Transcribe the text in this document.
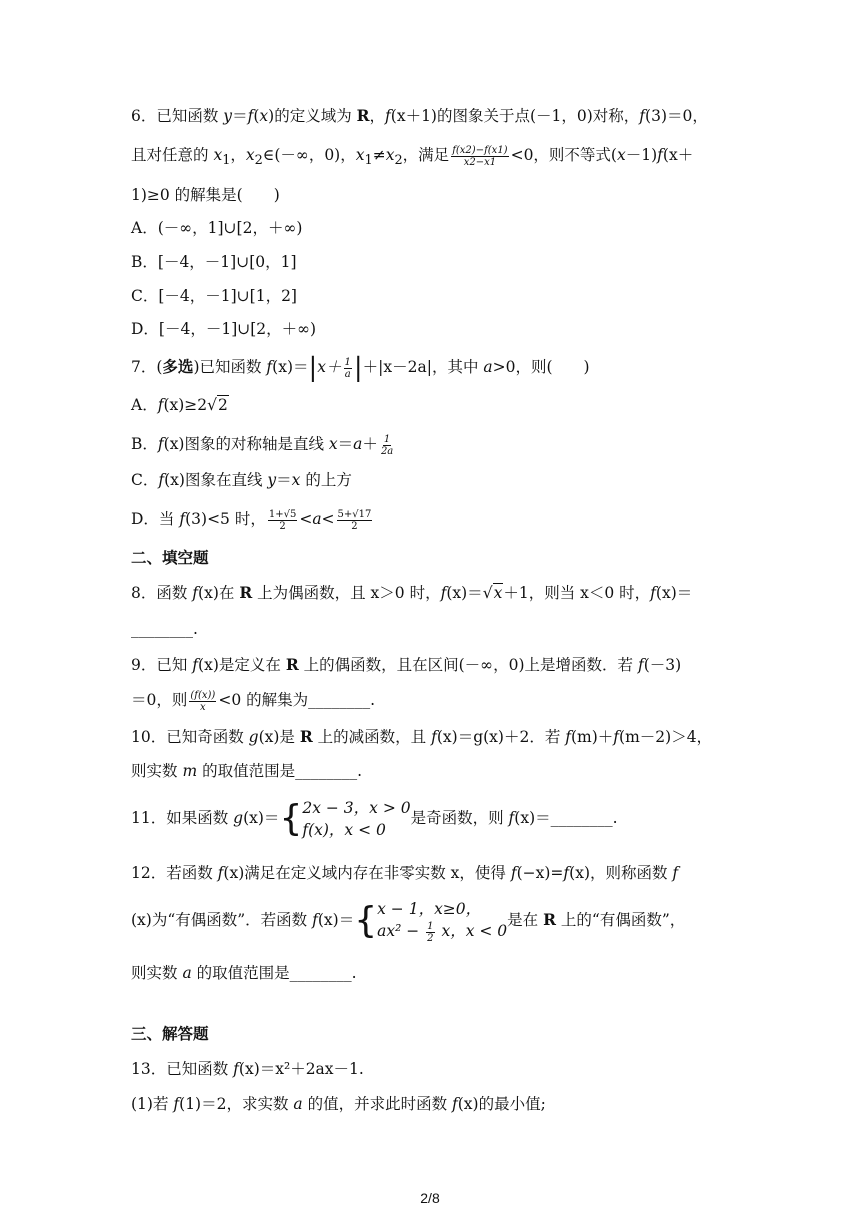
6．已知函数 y＝f(x)的定义域为 R，f(x＋1)的图象关于点(－1，0)对称，f(3)＝0，
且对任意的 $x_1$，$x_2\in(-\infty$，0)，$x_1\ne x_2$，满足 $\frac{f(x2)-f(x1)}{x2-x1} <0$，则不等式(x－1)f(x＋
1)≥0 的解集是(　　)
A．(－∞，1]∪[2，＋∞)
B．[－4，－1]∪[0，1]
C．[－4，－1]∪[1，2]
D．[－4，－1]∪[2，＋∞)
7．(多选)已知函数 $f(x)=|x+ \frac{1}{a} |+|x-2a|$，其中 a>0，则(　　)
A．f(x)≥2√2
B．f(x)图象的对称轴是直线 $x=a+ \frac{1}{2a}$
C．f(x)图象在直线 y＝x 的上方
D．当 f(3)<5 时， $\frac{1+√5}{2} <a< \frac{5+√17}{2}$
二、填空题
8．函数 f(x)在 R 上为偶函数，且 x＞0 时，f(x)＝√x＋1，则当 x＜0 时，f(x)＝
________.
9．已知 f(x)是定义在 R 上的偶函数，且在区间(－∞，0)上是增函数．若 f(－3)
＝0，则 $\frac{(f(x))}{x} <0$ 的解集为________.
10．已知奇函数 g(x)是 R 上的减函数，且 f(x)＝g(x)＋2．若 f(m)＋f(m－2)＞4，
则实数 m 的取值范围是________.
11．如果函数 g(x)＝{ 2x − 3，x > 0
f(x)，x < 0
是奇函数，则 f(x)＝________.
12．若函数 f(x)满足在定义域内存在非零实数 x，使得 f(−x)=f(x)，则称函数 f
(x)为“有偶函数”．若函数 f(x)＝{ x − 1，x≥0，
$ax^2 - \frac{1}{2}$ x，x < 0
是在 R 上的“有偶函数”，
则实数 a 的取值范围是________.
三、解答题
13．已知函数 f(x)＝x²＋2ax－1.
(1)若 f(1)＝2，求实数 a 的值，并求此时函数 f(x)的最小值;
2/8
